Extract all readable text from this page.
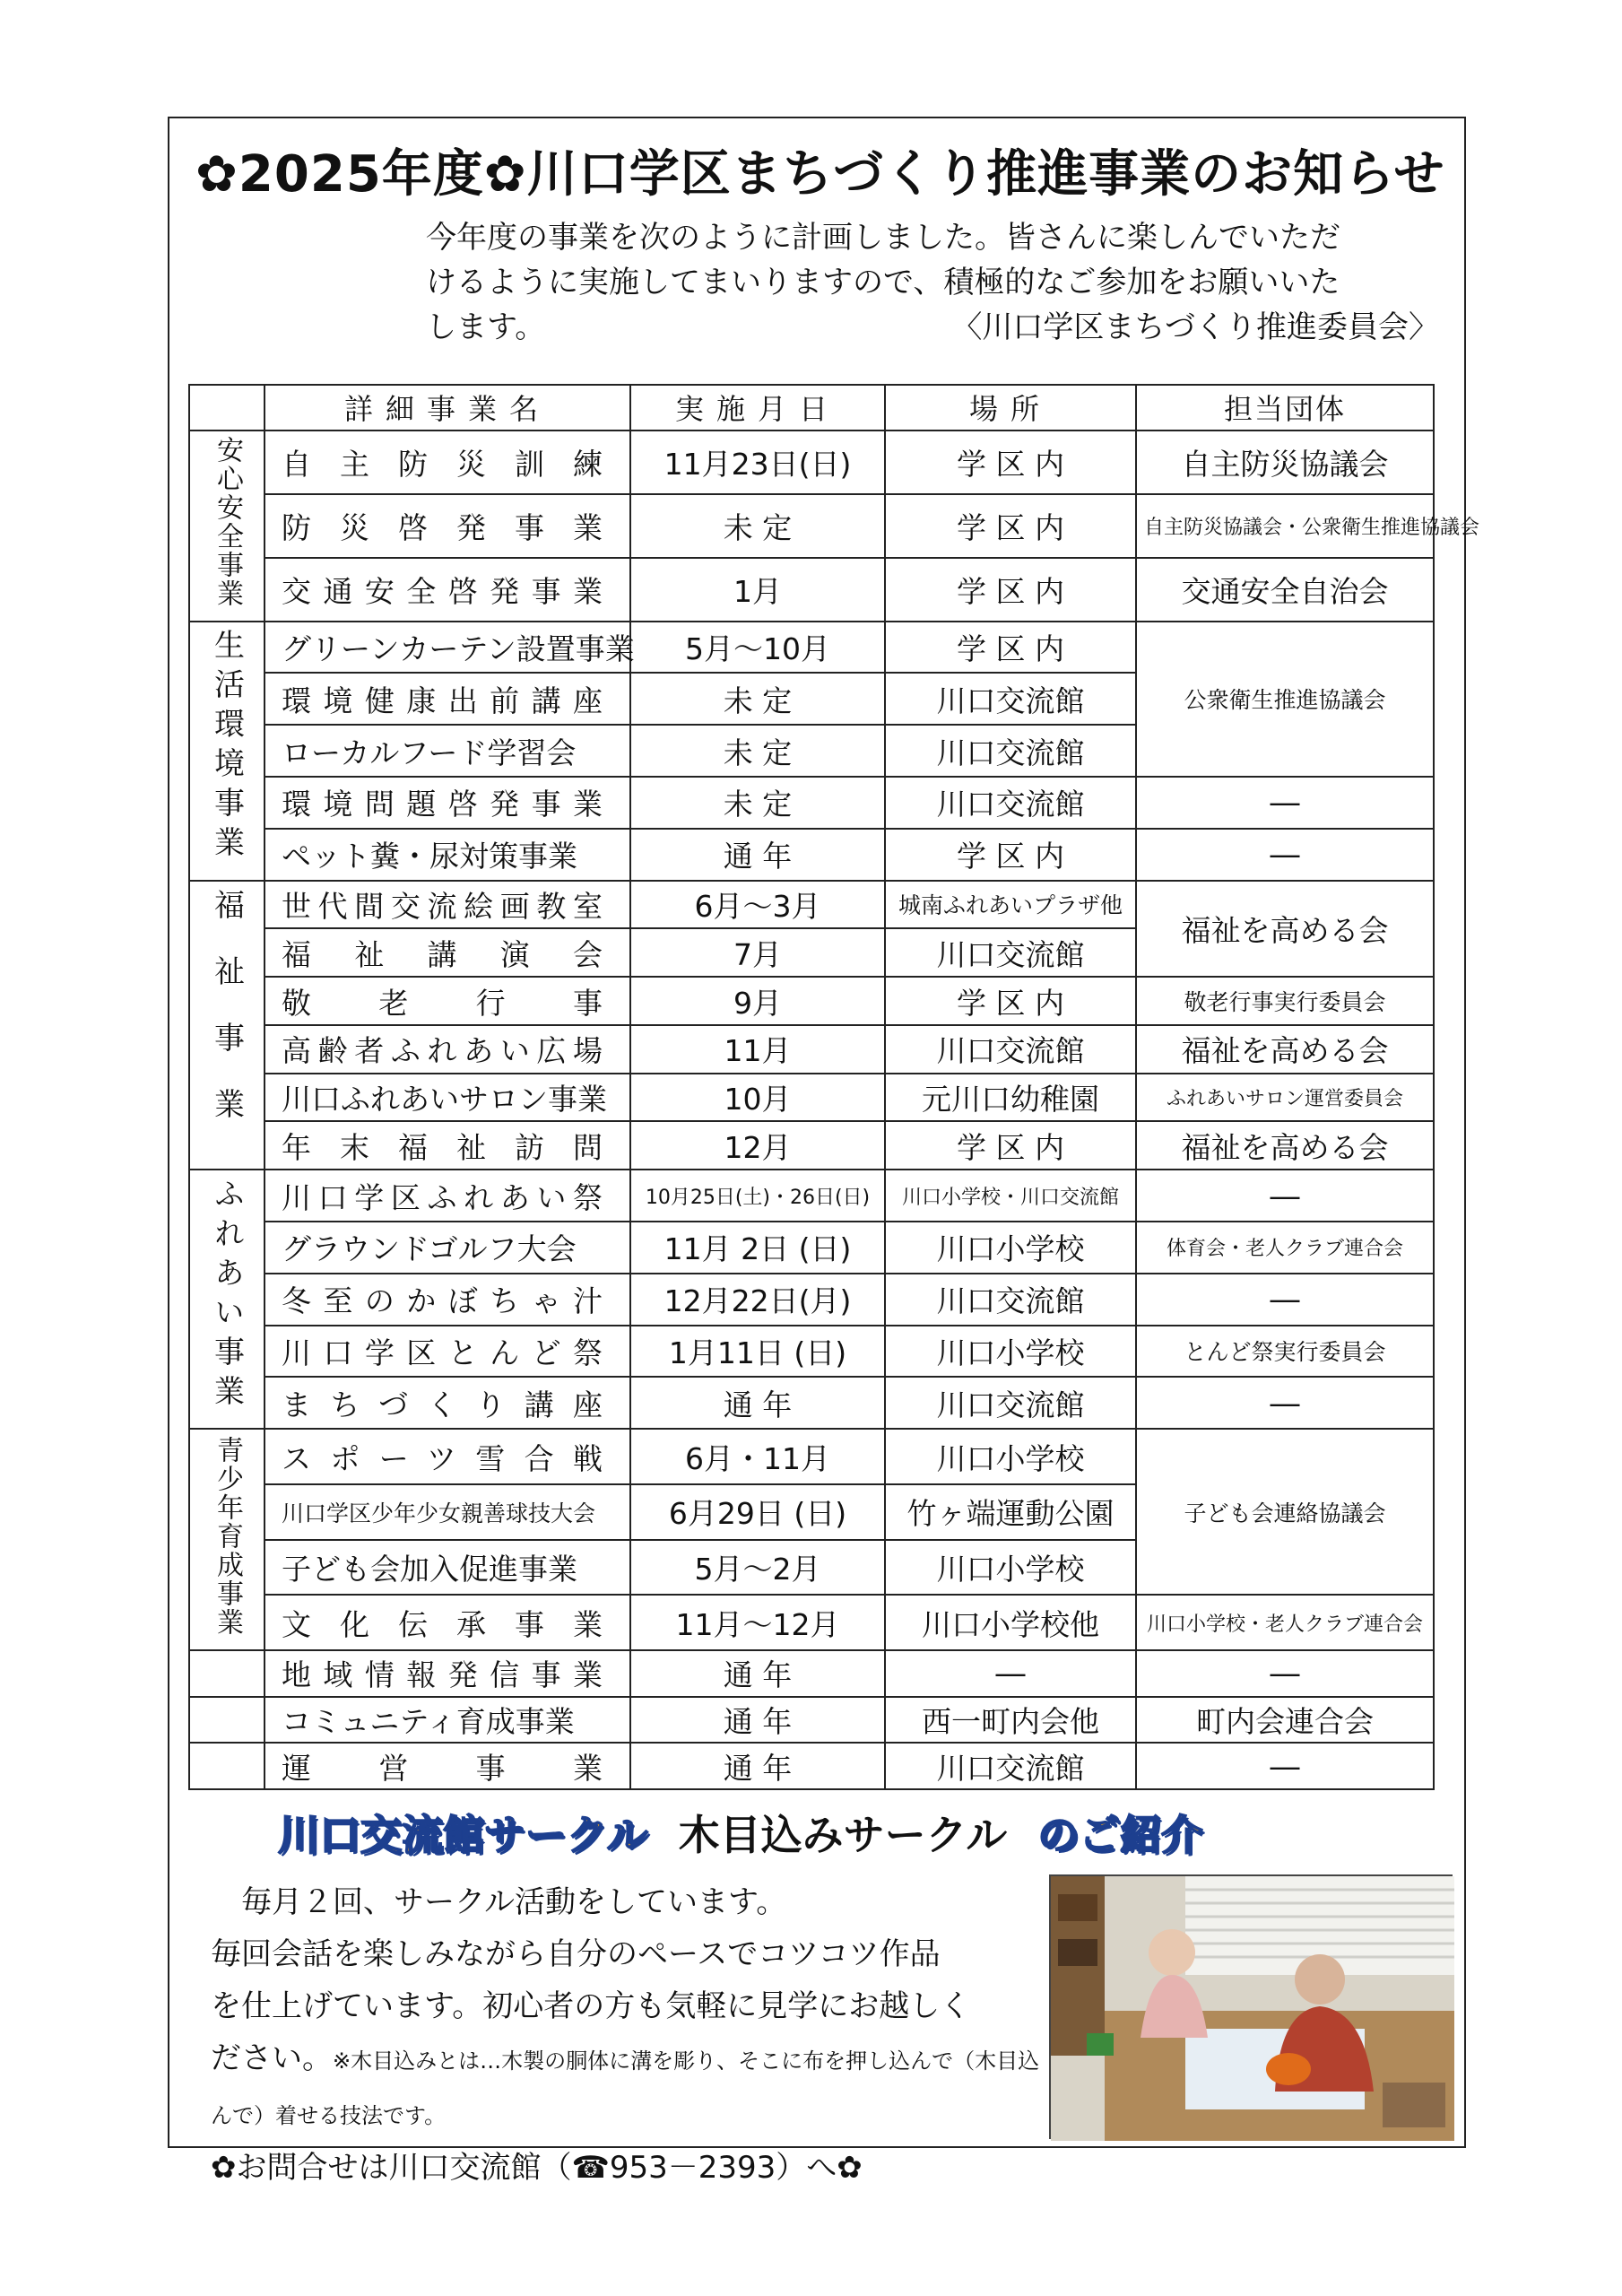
✿2025年度✿川口学区まちづくり推進事業のお知らせ

今年度の事業を次のように計画しました。皆さんに楽しんでいただ

けるように実施してまいりますので、積極的なご参加をお願いいた

します。	〈川口学区まちづくり推進委員会〉

	詳細事業名	実施月日	場所	担当団体
安心安全事業	自主防災訓練	11月23日(日)	学 区 内	自主防災協議会
	防災啓発事業	未 定	学 区 内	自主防災協議会・公衆衛生推進協議会
	交通安全啓発事業	1月	学 区 内	交通安全自治会
生活環境事業	グリーンカーテン設置事業	5月～10月	学 区 内	公衆衛生推進協議会
	環境健康出前講座	未 定	川口交流館	
	ローカルフード学習会	未 定	川口交流館	
	環境問題啓発事業	未 定	川口交流館	―
	ペット糞・尿対策事業	通 年	学 区 内	―
福祉事業	世代間交流絵画教室	6月～3月	城南ふれあいプラザ他	福祉を高める会
	福祉講演会	7月	川口交流館	
	敬老行事	9月	学 区 内	敬老行事実行委員会
	高齢者ふれあい広場	11月	川口交流館	福祉を高める会
	川口ふれあいサロン事業	10月	元川口幼稚園	ふれあいサロン運営委員会
	年末福祉訪問	12月	学 区 内	福祉を高める会
ふれあい事業	川口学区ふれあい祭	10月25日(土)・26日(日)	川口小学校・川口交流館	―
	グラウンドゴルフ大会	11月 2日 (日)	川口小学校	体育会・老人クラブ連合会
	冬至のかぼちゃ汁	12月22日(月)	川口交流館	―
	川口学区とんど祭	1月11日 (日)	川口小学校	とんど祭実行委員会
	まちづくり講座	通 年	川口交流館	―
青少年育成事業	スポーツ雪合戦	6月・11月	川口小学校	子ども会連絡協議会
	川口学区少年少女親善球技大会	6月29日 (日)	竹ヶ端運動公園	
	子ども会加入促進事業	5月～2月	川口小学校	
	文化伝承事業	11月～12月	川口小学校他	川口小学校・老人クラブ連合会
	地域情報発信事業	通 年	―	―
	コミュニティ育成事業	通 年	西一町内会他	町内会連合会
	運営事業	通 年	川口交流館	―
川口交流館サークル 木目込みサークル のご紹介

毎月２回、サークル活動をしています。

毎回会話を楽しみながら自分のペースでコツコツ作品

を仕上げています。初心者の方も気軽に見学にお越しく

ださい。※木目込みとは…木製の胴体に溝を彫り、そこに布を押し込んで（木目込んで）着せる技法です。

✿お問合せは川口交流館（☎953－2393）へ✿
